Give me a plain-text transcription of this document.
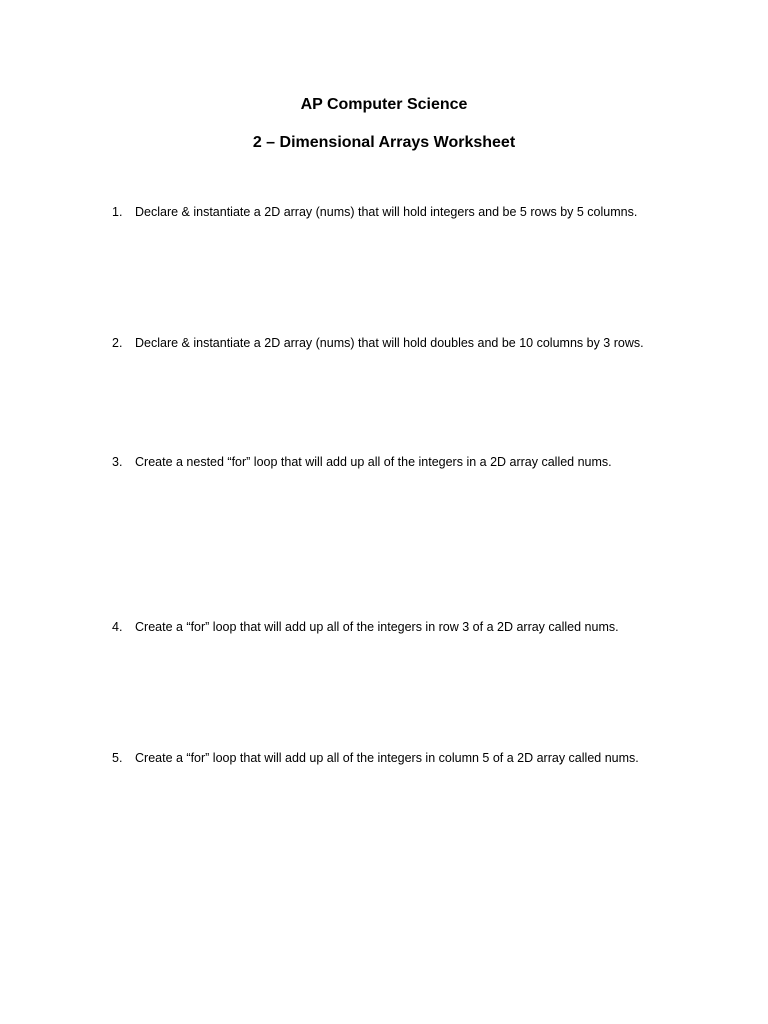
AP Computer Science
2 – Dimensional Arrays Worksheet
1. Declare & instantiate a 2D array (nums) that will hold integers and be 5 rows by 5 columns.
2. Declare & instantiate a 2D array (nums) that will hold doubles and be 10 columns by 3 rows.
3. Create a nested “for” loop that will add up all of the integers in a 2D array called nums.
4. Create a “for” loop that will add up all of the integers in row 3 of a 2D array called nums.
5. Create a “for” loop that will add up all of the integers in column 5 of a 2D array called nums.
